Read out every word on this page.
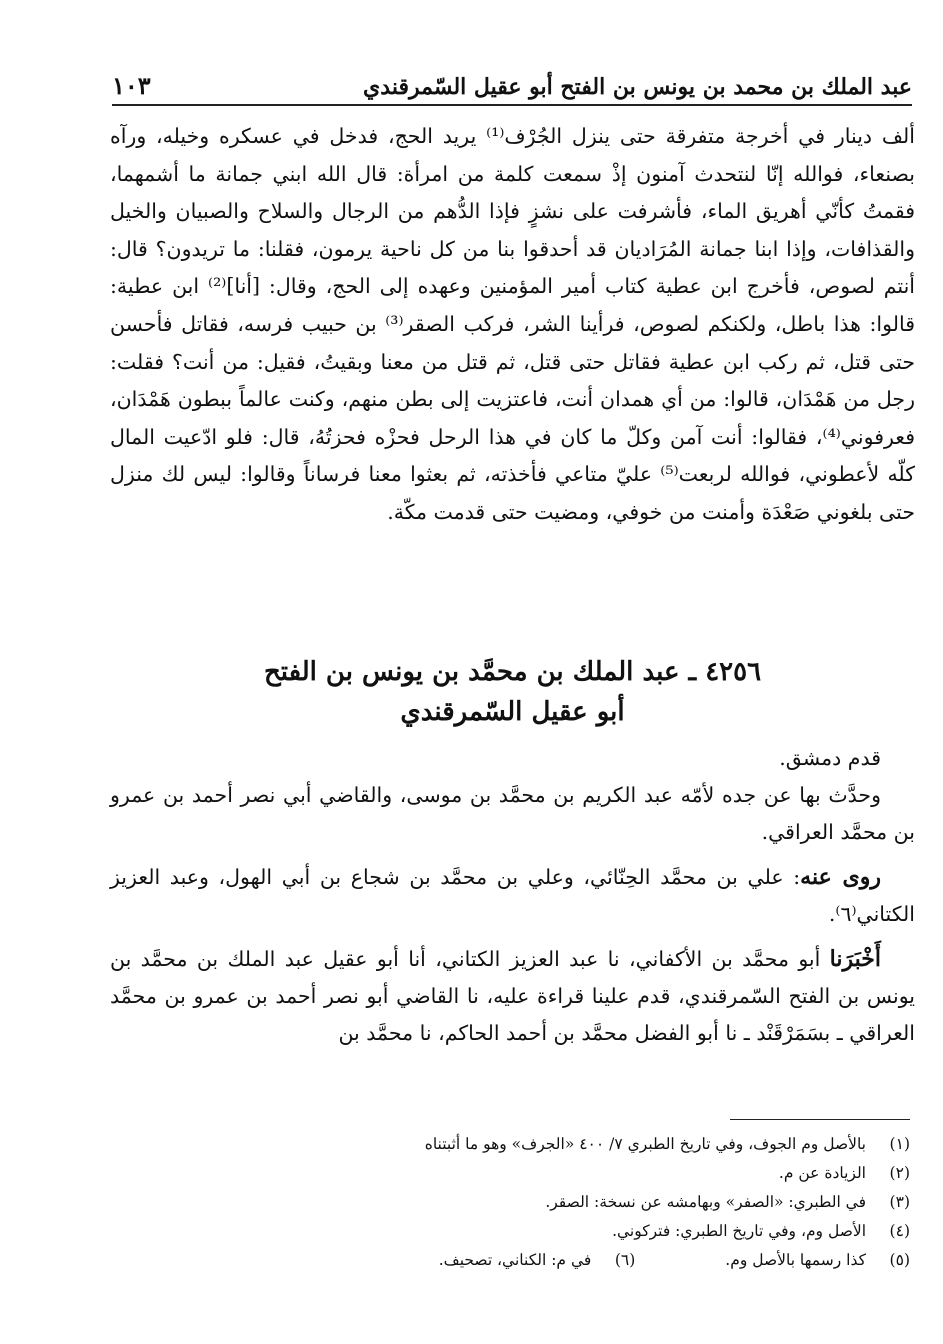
عبد الملك بن محمد بن يونس بن الفتح أبو عقيل السّمرقندي
١٠٣

ألف دينار في أخرجة متفرقة حتى ينزل الجُرْف⁽¹⁾ يريد الحج، فدخل في عسكره وخيله، ورآه بصنعاء، فوالله إنّا لنتحدث آمنون إذْ سمعت كلمة من امرأة: قال الله ابني جمانة ما أشمهما، فقمتُ كأنّي أهريق الماء، فأشرفت على نشزٍ فإذا الدُّهم من الرجال والسلاح والصبيان والخيل والقذافات، وإذا ابنا جمانة المُرَاديان قد أحدقوا بنا من كل ناحية يرمون، فقلنا: ما تريدون؟ قال: أنتم لصوص، فأخرج ابن عطية كتاب أمير المؤمنين وعهده إلى الحج، وقال: [أنا]⁽²⁾ ابن عطية: قالوا: هذا باطل، ولكنكم لصوص، فرأينا الشر، فركب الصقر⁽³⁾ بن حبيب فرسه، فقاتل فأحسن حتى قتل، ثم ركب ابن عطية فقاتل حتى قتل، ثم قتل من معنا وبقيتُ، فقيل: من أنت؟ فقلت: رجل من هَمْدَان، قالوا: من أي همدان أنت، فاعتزيت إلى بطن منهم، وكنت عالماً ببطون هَمْدَان، فعرفوني⁽⁴⁾، فقالوا: أنت آمن وكلّ ما كان في هذا الرحل فحزْه فحزتُهُ، قال: فلو ادّعيت المال كلّه لأعطوني، فوالله لربعت⁽⁵⁾ عليّ متاعي فأخذته، ثم بعثوا معنا فرساناً وقالوا: ليس لك منزل حتى بلغوني صَعْدَة وأمنت من خوفي، ومضيت حتى قدمت مكّة.

٤٢٥٦ ـ عبد الملك بن محمَّد بن يونس بن الفتح
أبو عقيل السّمرقندي

قدم دمشق.

وحدَّث بها عن جده لأمّه عبد الكريم بن محمَّد بن موسى، والقاضي أبي نصر أحمد بن عمرو بن محمَّد العراقي.

روى عنه: علي بن محمَّد الحِنّائي، وعلي بن محمَّد بن شجاع بن أبي الهول، وعبد العزيز الكتاني⁽٦⁾.

أَخْبَرَنا أبو محمَّد بن الأكفاني، نا عبد العزيز الكتاني، أنا أبو عقيل عبد الملك بن محمَّد بن يونس بن الفتح السّمرقندي، قدم علينا قراءة عليه، نا القاضي أبو نصر أحمد بن عمرو بن محمَّد العراقي ـ بسَمَرْقَنْد ـ نا أبو الفضل محمَّد بن أحمد الحاكم، نا محمَّد بن

(١)
بالأصل وم الجوف، وفي تاريخ الطبري ٧/ ٤٠٠ «الجرف» وهو ما أثبتناه
(٢)
الزيادة عن م.
(٣)
في الطبري: «الصفر» وبهامشه عن نسخة: الصقر.
(٤)
الأصل وم، وفي تاريخ الطبري: فتركوني.
(٥)
كذا رسمها بالأصل وم.
(٦)
في م: الكناني، تصحيف.
